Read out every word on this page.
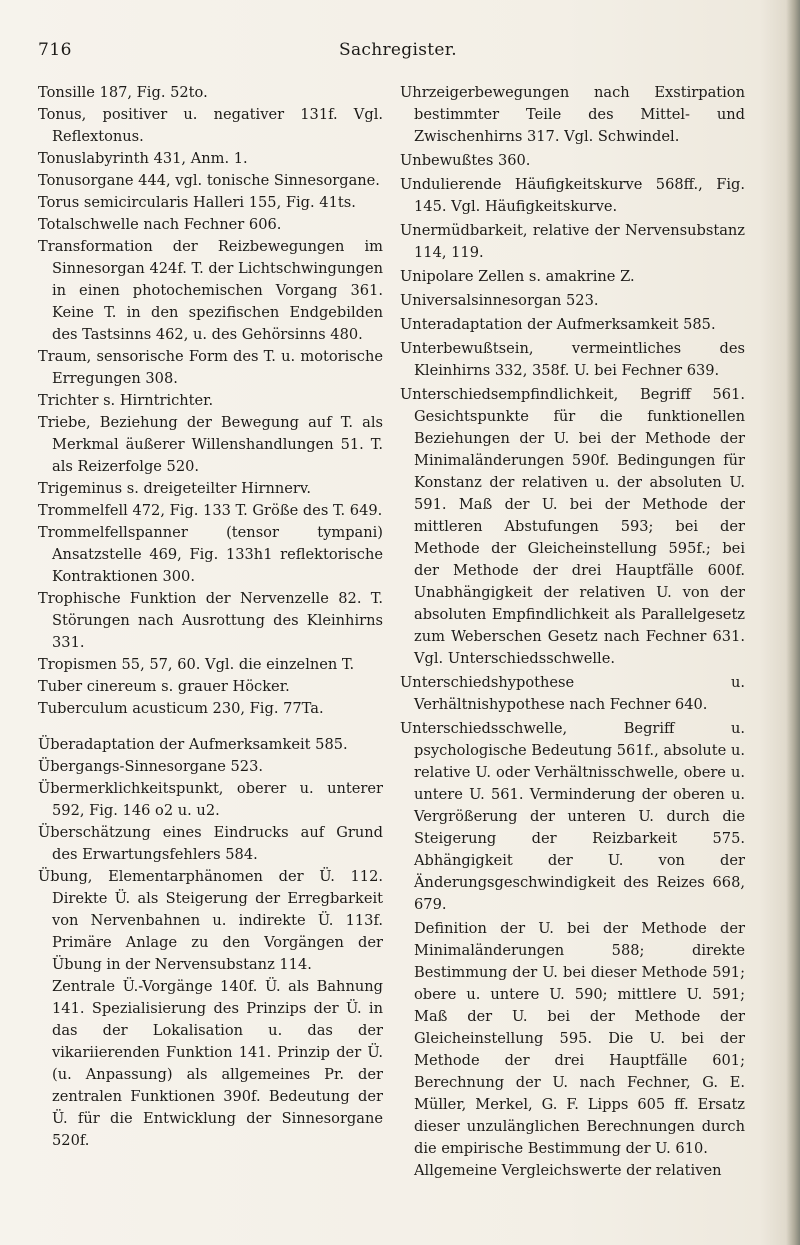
716	Sachregister.

Tonsille 187, Fig. 52to.

Tonus, positiver u. negativer 131f. Vgl. Reflextonus.

Tonuslabyrinth 431, Anm. 1.

Tonusorgane 444, vgl. tonische Sinnesorgane.

Torus semicircularis Halleri 155, Fig. 41ts.

Totalschwelle nach Fechner 606.

Transformation der Reizbewegungen im Sinnesorgan 424f. T. der Lichtschwingungen in einen photochemischen Vorgang 361. Keine T. in den spezifischen Endgebilden des Tastsinns 462, u. des Gehörsinns 480.

Traum, sensorische Form des T. u. motorische Erregungen 308.

Trichter s. Hirntrichter.

Triebe, Beziehung der Bewegung auf T. als Merkmal äußerer Willenshandlungen 51. T. als Reizerfolge 520.

Trigeminus s. dreigeteilter Hirnnerv.

Trommelfell 472, Fig. 133 T. Größe des T. 649.

Trommelfellspanner (tensor tympani) Ansatzstelle 469, Fig. 133h1 reflektorische Kontraktionen 300.

Trophische Funktion der Nervenzelle 82. T. Störungen nach Ausrottung des Kleinhirns 331.

Tropismen 55, 57, 60. Vgl. die einzelnen T.

Tuber cinereum s. grauer Höcker.

Tuberculum acusticum 230, Fig. 77Ta.

Überadaptation der Aufmerksamkeit 585.

Übergangs-Sinnesorgane 523.

Übermerklichkeitspunkt, oberer u. unterer 592, Fig. 146 o2 u. u2.

Überschätzung eines Eindrucks auf Grund des Erwartungsfehlers 584.

Übung, Elementarphänomen der Ü. 112. Direkte Ü. als Steigerung der Erregbarkeit von Nervenbahnen u. indirekte Ü. 113f. Primäre Anlage zu den Vorgängen der Übung in der Nervensubstanz 114.

Zentrale Ü.-Vorgänge 140f. Ü. als Bahnung 141. Spezialisierung des Prinzips der Ü. in das der Lokalisation u. das der vikariierenden Funktion 141. Prinzip der Ü. (u. Anpassung) als allgemeines Pr. der zentralen Funktionen 390f. Bedeutung der Ü. für die Entwicklung der Sinnesorgane 520f.

Uhrzeigerbewegungen nach Exstirpation bestimmter Teile des Mittel- und Zwischenhirns 317. Vgl. Schwindel.

Unbewußtes 360.

Undulierende Häufigkeitskurve 568ff., Fig. 145. Vgl. Häufigkeitskurve.

Unermüdbarkeit, relative der Nervensubstanz 114, 119.

Unipolare Zellen s. amakrine Z.

Universalsinnesorgan 523.

Unteradaptation der Aufmerksamkeit 585.

Unterbewußtsein, vermeintliches des Kleinhirns 332, 358f. U. bei Fechner 639.

Unterschiedsempfindlichkeit, Begriff 561. Gesichtspunkte für die funktionellen Beziehungen der U. bei der Methode der Minimaländerungen 590f. Bedingungen für Konstanz der relativen u. der absoluten U. 591. Maß der U. bei der Methode der mittleren Abstufungen 593; bei der Methode der Gleicheinstellung 595f.; bei der Methode der drei Hauptfälle 600f. Unabhängigkeit der relativen U. von der absoluten Empfindlichkeit als Parallelgesetz zum Weberschen Gesetz nach Fechner 631. Vgl. Unterschiedsschwelle.

Unterschiedshypothese u. Verhältnishypothese nach Fechner 640.

Unterschiedsschwelle, Begriff u. psychologische Bedeutung 561f., absolute u. relative U. oder Verhältnisschwelle, obere u. untere U. 561. Verminderung der oberen u. Vergrößerung der unteren U. durch die Steigerung der Reizbarkeit 575. Abhängigkeit der U. von der Änderungsgeschwindigkeit des Reizes 668, 679.

Definition der U. bei der Methode der Minimaländerungen 588; direkte Bestimmung der U. bei dieser Methode 591; obere u. untere U. 590; mittlere U. 591; Maß der U. bei der Methode der Gleicheinstellung 595. Die U. bei der Methode der drei Hauptfälle 601; Berechnung der U. nach Fechner, G. E. Müller, Merkel, G. F. Lipps 605 ff. Ersatz dieser unzulänglichen Berechnungen durch die empirische Bestimmung der U. 610.

Allgemeine Vergleichswerte der relativen
